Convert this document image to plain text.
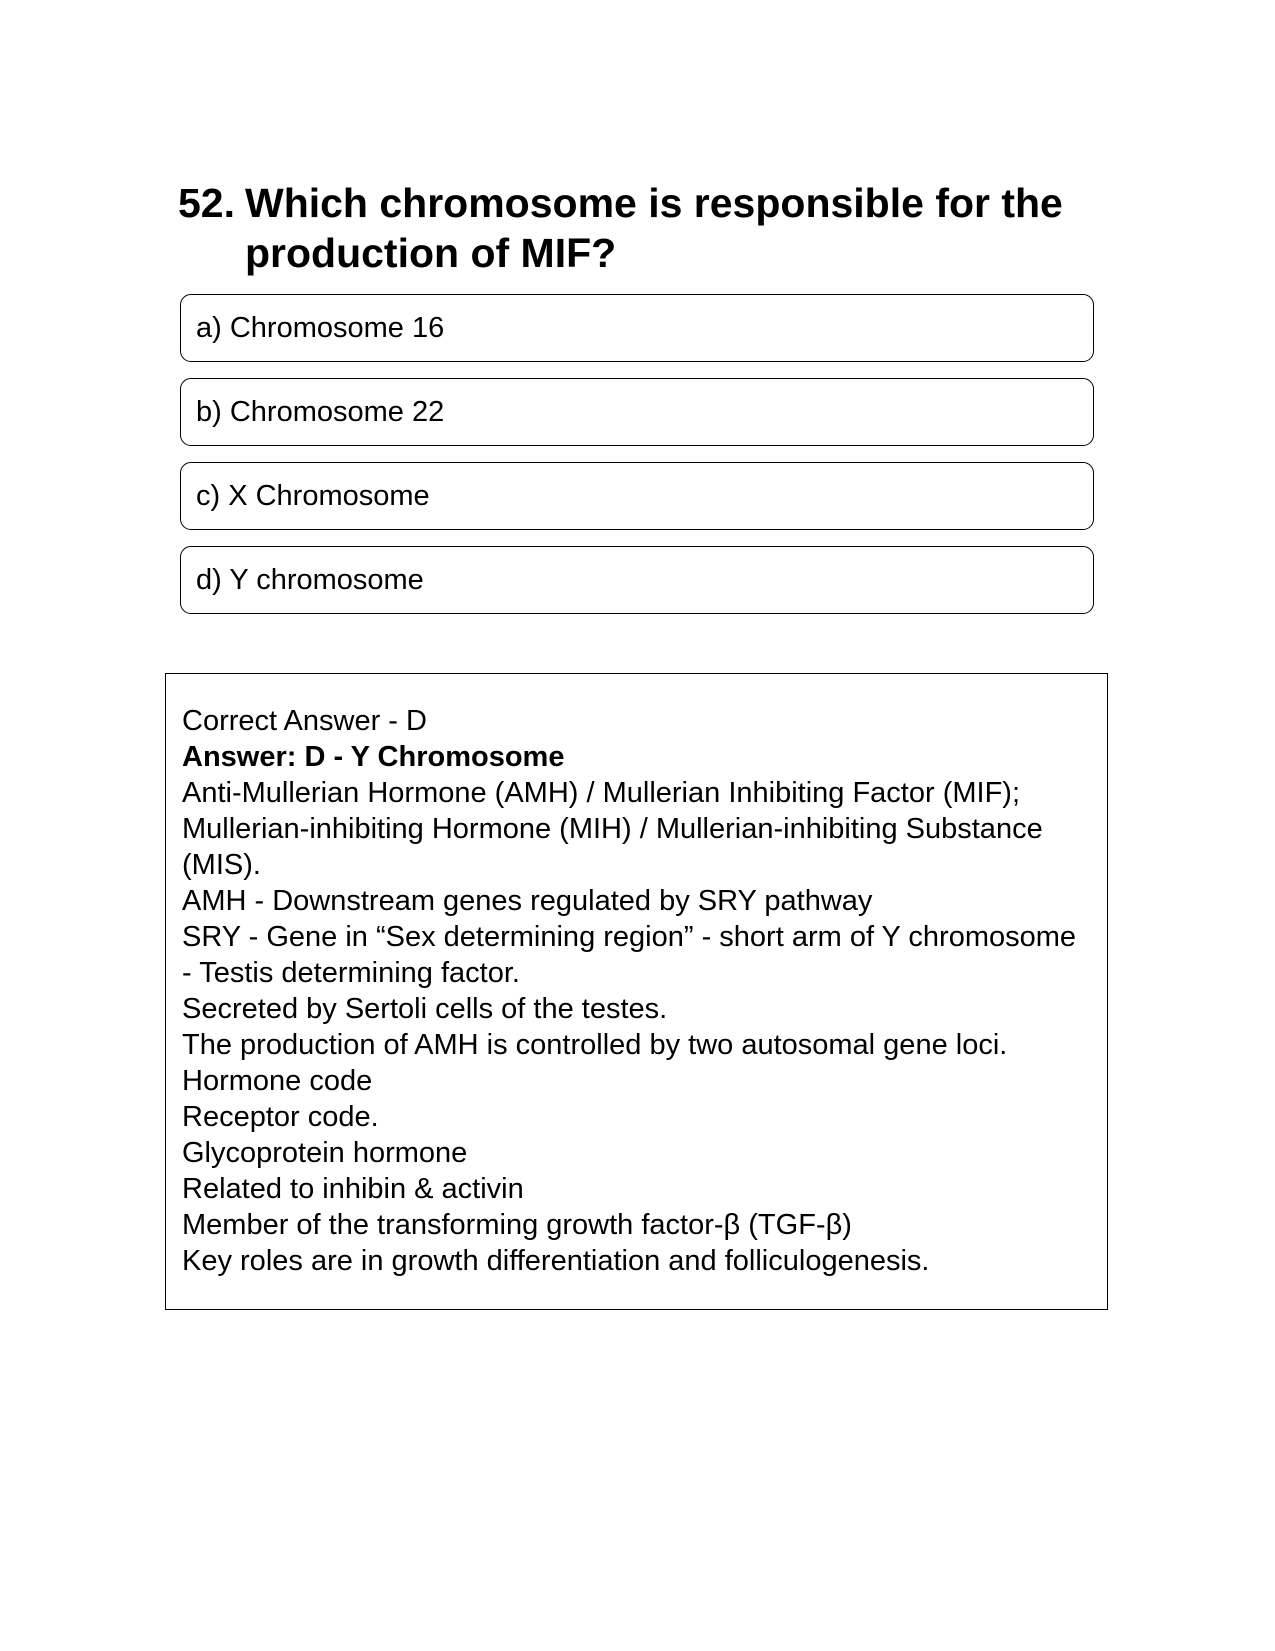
52. Which chromosome is responsible for the production of MIF?
a) Chromosome 16
b) Chromosome 22
c) X Chromosome
d) Y chromosome
Correct Answer - D
Answer: D - Y Chromosome
Anti-Mullerian Hormone (AMH) / Mullerian Inhibiting Factor (MIF); Mullerian-inhibiting Hormone (MIH) / Mullerian-inhibiting Substance (MIS).
AMH - Downstream genes regulated by SRY pathway
SRY - Gene in “Sex determining region” - short arm of Y chromosome - Testis determining factor.
Secreted by Sertoli cells of the testes.
The production of AMH is controlled by two autosomal gene loci.
Hormone code
Receptor code.
Glycoprotein hormone
Related to inhibin & activin
Member of the transforming growth factor-β (TGF-β)
Key roles are in growth differentiation and folliculogenesis.
